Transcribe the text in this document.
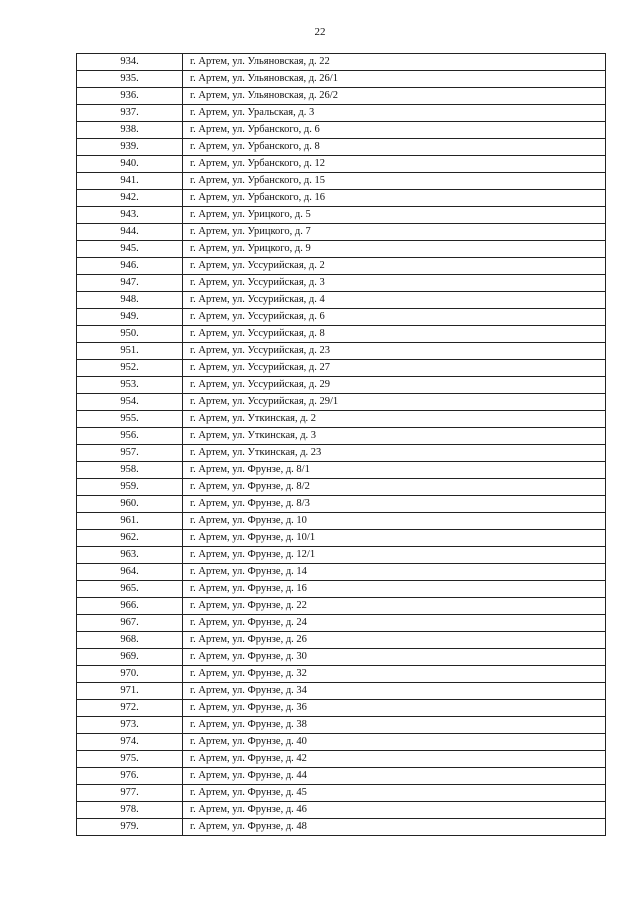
22
934.	г. Артем, ул. Ульяновская, д. 22
935.	г. Артем, ул. Ульяновская, д. 26/1
936.	г. Артем, ул. Ульяновская, д. 26/2
937.	г. Артем, ул. Уральская, д. 3
938.	г. Артем, ул. Урбанского, д. 6
939.	г. Артем, ул. Урбанского, д. 8
940.	г. Артем, ул. Урбанского, д. 12
941.	г. Артем, ул. Урбанского, д. 15
942.	г. Артем, ул. Урбанского, д. 16
943.	г. Артем, ул. Урицкого, д. 5
944.	г. Артем, ул. Урицкого, д. 7
945.	г. Артем, ул. Урицкого, д. 9
946.	г. Артем, ул. Уссурийская, д. 2
947.	г. Артем, ул. Уссурийская, д. 3
948.	г. Артем, ул. Уссурийская, д. 4
949.	г. Артем, ул. Уссурийская, д. 6
950.	г. Артем, ул. Уссурийская, д. 8
951.	г. Артем, ул. Уссурийская, д. 23
952.	г. Артем, ул. Уссурийская, д. 27
953.	г. Артем, ул. Уссурийская, д. 29
954.	г. Артем, ул. Уссурийская, д. 29/1
955.	г. Артем, ул. Уткинская, д. 2
956.	г. Артем, ул. Уткинская, д. 3
957.	г. Артем, ул. Уткинская, д. 23
958.	г. Артем, ул. Фрунзе, д. 8/1
959.	г. Артем, ул. Фрунзе, д. 8/2
960.	г. Артем, ул. Фрунзе, д. 8/3
961.	г. Артем, ул. Фрунзе, д. 10
962.	г. Артем, ул. Фрунзе, д. 10/1
963.	г. Артем, ул. Фрунзе, д. 12/1
964.	г. Артем, ул. Фрунзе, д. 14
965.	г. Артем, ул. Фрунзе, д. 16
966.	г. Артем, ул. Фрунзе, д. 22
967.	г. Артем, ул. Фрунзе, д. 24
968.	г. Артем, ул. Фрунзе, д. 26
969.	г. Артем, ул. Фрунзе, д. 30
970.	г. Артем, ул. Фрунзе, д. 32
971.	г. Артем, ул. Фрунзе, д. 34
972.	г. Артем, ул. Фрунзе, д. 36
973.	г. Артем, ул. Фрунзе, д. 38
974.	г. Артем, ул. Фрунзе, д. 40
975.	г. Артем, ул. Фрунзе, д. 42
976.	г. Артем, ул. Фрунзе, д. 44
977.	г. Артем, ул. Фрунзе, д. 45
978.	г. Артем, ул. Фрунзе, д. 46
979.	г. Артем, ул. Фрунзе, д. 48
